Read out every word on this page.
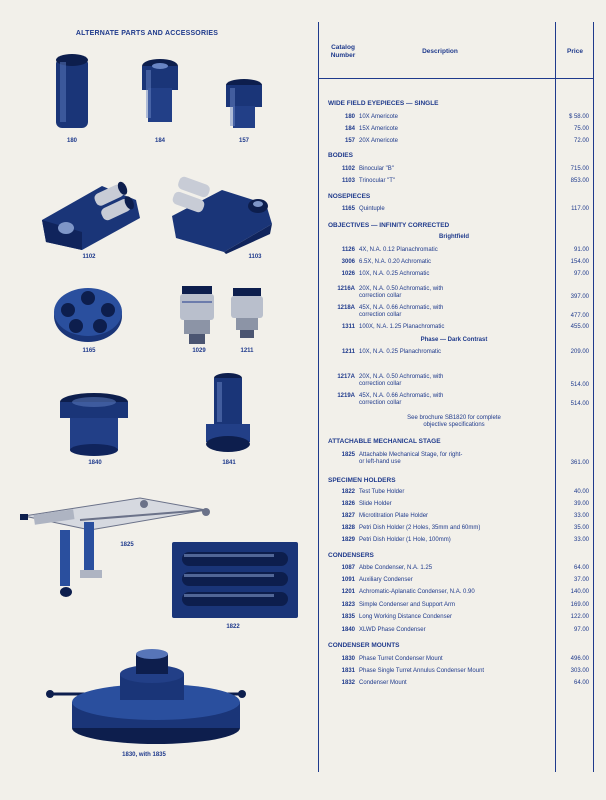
ALTERNATE PARTS AND ACCESSORIES
180	184	157
1102	1103
1165	1029	1211
1840	1841
1825
1822
1830, with 1835
Catalog
Number
Description	Price
WIDE FIELD EYEPIECES — SINGLE
BODIES
NOSEPIECES
OBJECTIVES — INFINITY CORRECTED
Brightfield
Phase — Dark Contrast
See brochure SB1820 for complete
objective specifications
ATTACHABLE MECHANICAL STAGE
SPECIMEN HOLDERS
CONDENSERS
CONDENSER MOUNTS
180 10X Americote	$ 58.00
184 15X Americote	75.00
157 20X Americote	72.00
1102 Binocular "B"	715.00
1103 Trinocular "T"	853.00
1165 Quintuple	117.00
1126 4X, N.A. 0.12 Planachromatic	91.00
3006 6.5X, N.A. 0.20 Achromatic	154.00
1026 10X, N.A. 0.25 Achromatic	97.00
1216A 20X, N.A. 0.50 Achromatic, with
correction collar	397.00
1218A 45X, N.A. 0.66 Achromatic, with
correction collar	477.00
1311 100X, N.A. 1.25 Planachromatic	455.00
1211 10X, N.A. 0.25 Planachromatic	209.00
1217A 20X, N.A. 0.50 Achromatic, with
correction collar	514.00
1219A 45X, N.A. 0.66 Achromatic, with
correction collar	514.00
1825 Attachable Mechanical Stage, for right-
or left-hand use	361.00
1822 Test Tube Holder	40.00
1826 Slide Holder	39.00
1827 Microtitration Plate Holder	33.00
1828 Petri Dish Holder (2 Holes, 35mm and 60mm)	35.00
1829 Petri Dish Holder (1 Hole, 100mm)	33.00
1087 Abbe Condenser, N.A. 1.25	64.00
1091 Auxiliary Condenser	37.00
1201 Achromatic-Aplanatic Condenser, N.A. 0.90	140.00
1823 Simple Condenser and Support Arm	169.00
1835 Long Working Distance Condenser	122.00
1840 XLWD Phase Condenser	97.00
1830 Phase Turret Condenser Mount	496.00
1831 Phase Single Turret Annulus Condenser Mount	303.00
1832 Condenser Mount	64.00
